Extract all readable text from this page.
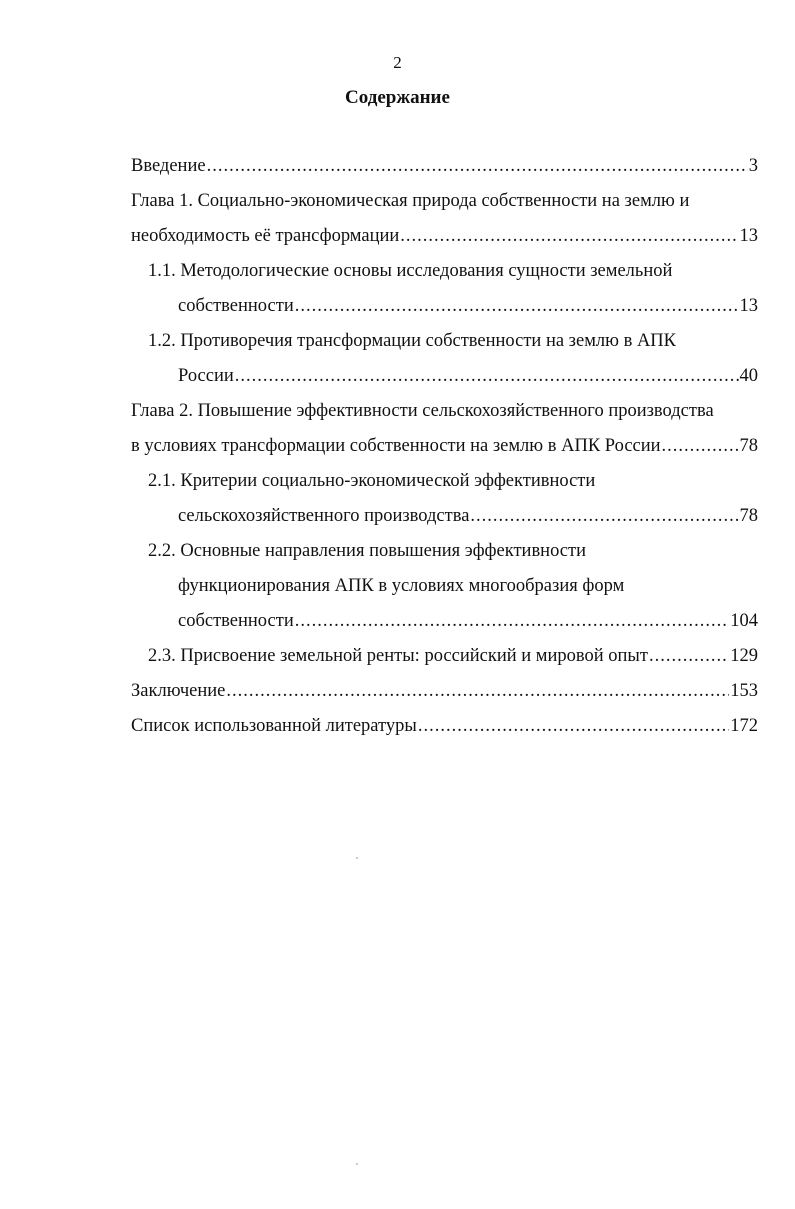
2
Содержание
Введение .....	3
Глава 1. Социально-экономическая природа собственности на землю и
необходимость её трансформации .....	13
1.1. Методологические основы исследования сущности земельной
собственности .....	13
1.2. Противоречия трансформации собственности на землю в АПК
России .....	40
Глава 2. Повышение эффективности сельскохозяйственного производства
в условиях трансформации собственности на землю в АПК России .....	78
2.1. Критерии социально-экономической эффективности
сельскохозяйственного производства .....	78
2.2. Основные направления повышения эффективности
функционирования АПК в условиях многообразия форм
собственности .....	104
2.3. Присвоение земельной ренты: российский и мировой опыт .....	129
Заключение .....	153
Список использованной литературы .....	172
